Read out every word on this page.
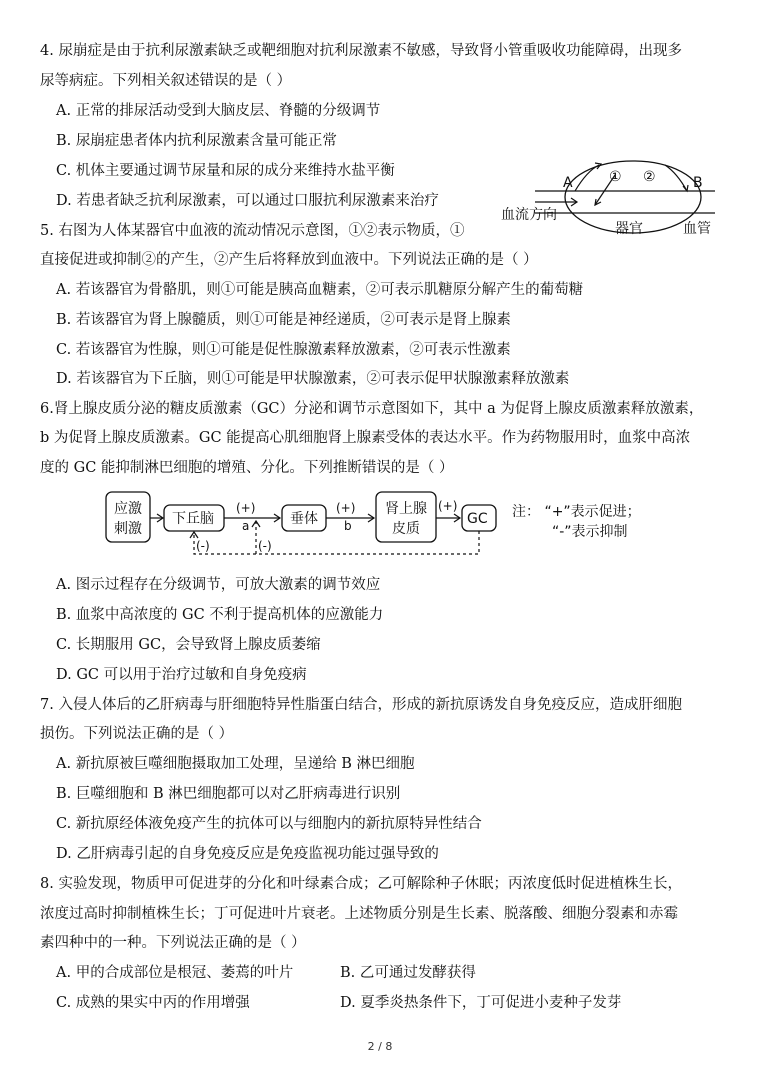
4. 尿崩症是由于抗利尿激素缺乏或靶细胞对抗利尿激素不敏感，导致肾小管重吸收功能障碍，出现多
尿等病症。下列相关叙述错误的是（ ）
A. 正常的排尿活动受到大脑皮层、脊髓的分级调节
B. 尿崩症患者体内抗利尿激素含量可能正常
C. 机体主要通过调节尿量和尿的成分来维持水盐平衡
D. 若患者缺乏抗利尿激素，可以通过口服抗利尿激素来治疗
A	B
① ②
血流方向
器官	血管
5. 右图为人体某器官中血液的流动情况示意图，①②表示物质，①
直接促进或抑制②的产生，②产生后将释放到血液中。下列说法正确的是（ ）
A. 若该器官为骨骼肌，则①可能是胰高血糖素，②可表示肌糖原分解产生的葡萄糖
B. 若该器官为肾上腺髓质，则①可能是神经递质，②可表示是肾上腺素
C. 若该器官为性腺，则①可能是促性腺激素释放激素，②可表示性激素
D. 若该器官为下丘脑，则①可能是甲状腺激素，②可表示促甲状腺激素释放激素
6.肾上腺皮质分泌的糖皮质激素（GC）分泌和调节示意图如下，其中 a 为促肾上腺皮质激素释放激素，
b 为促肾上腺皮质激素。GC 能提高心肌细胞肾上腺素受体的表达水平。作为药物服用时，血浆中高浓
度的 GC 能抑制淋巴细胞的增殖、分化。下列推断错误的是（ ）
应激
刺激
下丘脑
(+)
a	垂体
(+)
b
肾上腺
皮质
(+)
GC
(-)	(-)
注： “+”表示促进；
“-”表示抑制
A. 图示过程存在分级调节，可放大激素的调节效应
B. 血浆中高浓度的 GC 不利于提高机体的应激能力
C. 长期服用 GC，会导致肾上腺皮质萎缩
D. GC 可以用于治疗过敏和自身免疫病
7. 入侵人体后的乙肝病毒与肝细胞特异性脂蛋白结合，形成的新抗原诱发自身免疫反应，造成肝细胞
损伤。下列说法正确的是（ ）
A. 新抗原被巨噬细胞摄取加工处理，呈递给 B 淋巴细胞
B. 巨噬细胞和 B 淋巴细胞都可以对乙肝病毒进行识别
C. 新抗原经体液免疫产生的抗体可以与细胞内的新抗原特异性结合
D. 乙肝病毒引起的自身免疫反应是免疫监视功能过强导致的
8. 实验发现，物质甲可促进芽的分化和叶绿素合成；乙可解除种子休眠；丙浓度低时促进植株生长，
浓度过高时抑制植株生长；丁可促进叶片衰老。上述物质分别是生长素、脱落酸、细胞分裂素和赤霉
素四种中的一种。下列说法正确的是（ ）
A. 甲的合成部位是根冠、萎蔫的叶片	B. 乙可通过发酵获得
C. 成熟的果实中丙的作用增强	D. 夏季炎热条件下，丁可促进小麦种子发芽
2 / 8
